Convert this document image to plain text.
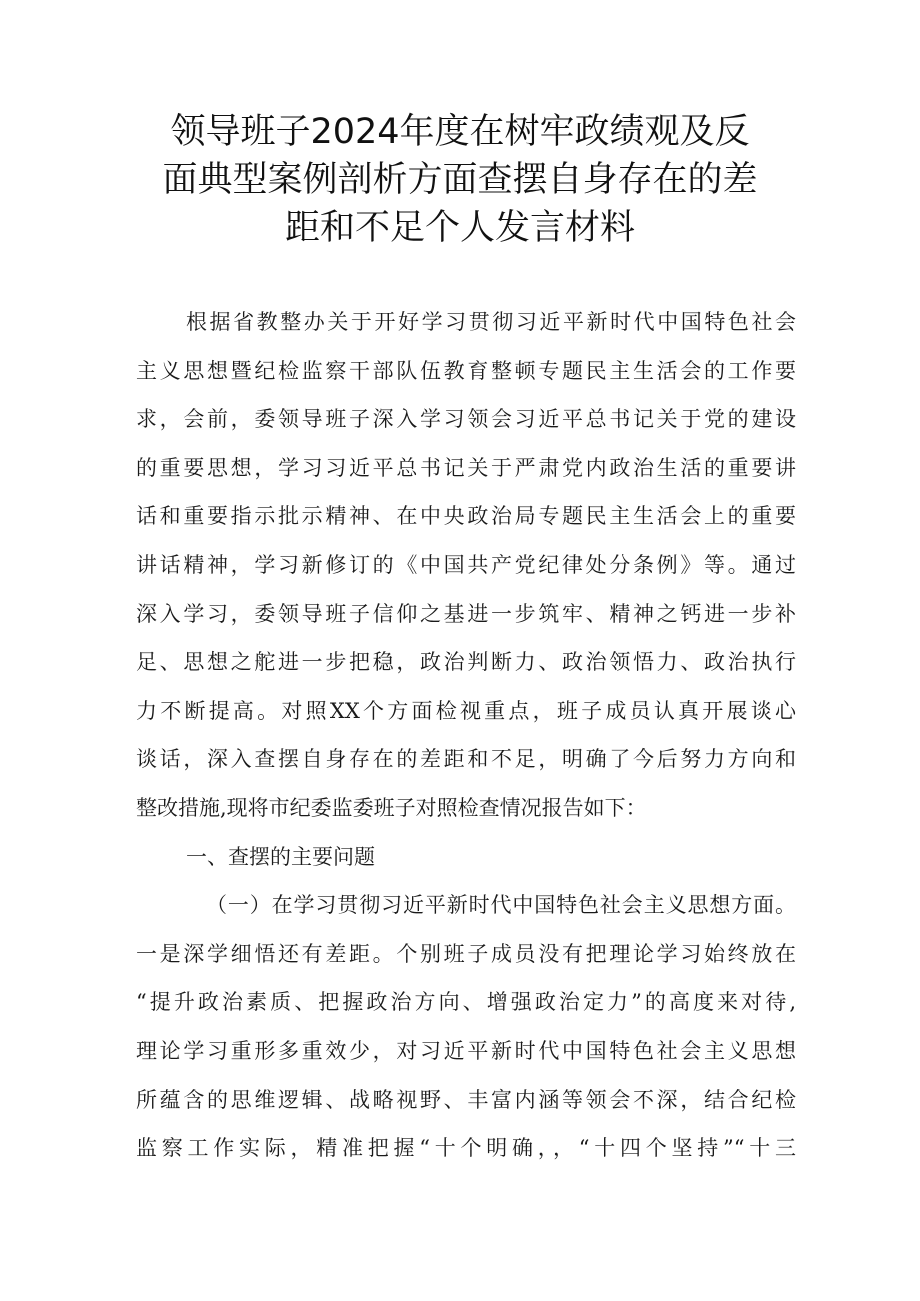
领导班子2024年度在树牢政绩观及反
面典型案例剖析方面查摆自身存在的差
距和不足个人发言材料
根据省教整办关于开好学习贯彻习近平新时代中国特色社会
主义思想暨纪检监察干部队伍教育整顿专题民主生活会的工作要
求，会前，委领导班子深入学习领会习近平总书记关于党的建设
的重要思想，学习习近平总书记关于严肃党内政治生活的重要讲
话和重要指示批示精神、在中央政治局专题民主生活会上的重要
讲话精神，学习新修订的《中国共产党纪律处分条例》等。通过
深入学习，委领导班子信仰之基进一步筑牢、精神之钙进一步补
足、思想之舵进一步把稳，政治判断力、政治领悟力、政治执行
力不断提高。对照XX个方面检视重点，班子成员认真开展谈心
谈话，深入查摆自身存在的差距和不足，明确了今后努力方向和
整改措施,现将市纪委监委班子对照检查情况报告如下：
一、查摆的主要问题
（一）在学习贯彻习近平新时代中国特色社会主义思想方面。
一是深学细悟还有差距。个别班子成员没有把理论学习始终放在
“提升政治素质、把握政治方向、增强政治定力”的高度来对待,
理论学习重形多重效少，对习近平新时代中国特色社会主义思想
所蕴含的思维逻辑、战略视野、丰富内涵等领会不深，结合纪检
监察工作实际，精准把握“十个明确，，“十四个坚持”“十三
